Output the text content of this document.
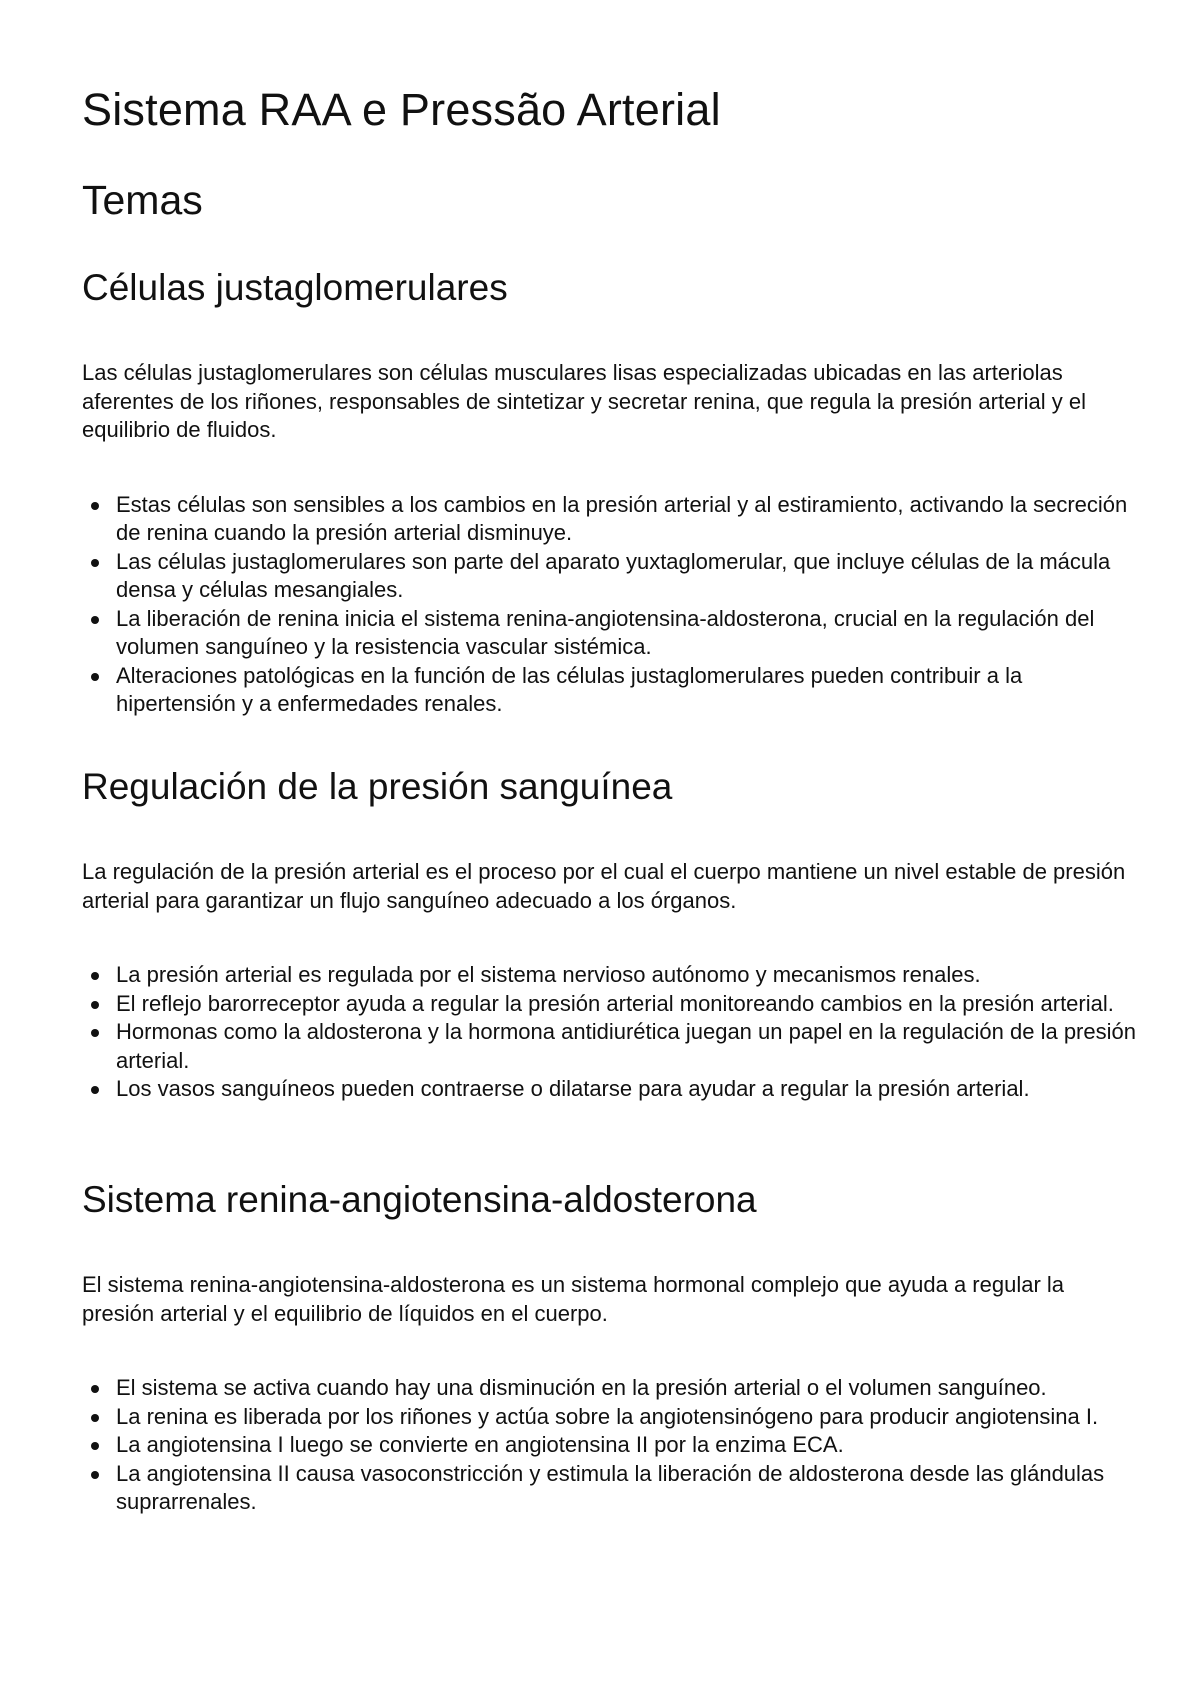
Sistema RAA e Pressão Arterial
Temas
Células justaglomerulares

Las células justaglomerulares son células musculares lisas especializadas ubicadas en las arteriolas aferentes de los riñones, responsables de sintetizar y secretar renina, que regula la presión arterial y el equilibrio de fluidos.

Estas células son sensibles a los cambios en la presión arterial y al estiramiento, activando la secreción de renina cuando la presión arterial disminuye.
Las células justaglomerulares son parte del aparato yuxtaglomerular, que incluye células de la mácula densa y células mesangiales.
La liberación de renina inicia el sistema renina-angiotensina-aldosterona, crucial en la regulación del volumen sanguíneo y la resistencia vascular sistémica.
Alteraciones patológicas en la función de las células justaglomerulares pueden contribuir a la hipertensión y a enfermedades renales.
Regulación de la presión sanguínea

La regulación de la presión arterial es el proceso por el cual el cuerpo mantiene un nivel estable de presión arterial para garantizar un flujo sanguíneo adecuado a los órganos.

La presión arterial es regulada por el sistema nervioso autónomo y mecanismos renales.
El reflejo barorreceptor ayuda a regular la presión arterial monitoreando cambios en la presión arterial.
Hormonas como la aldosterona y la hormona antidiurética juegan un papel en la regulación de la presión arterial.
Los vasos sanguíneos pueden contraerse o dilatarse para ayudar a regular la presión arterial.
Sistema renina-angiotensina-aldosterona

El sistema renina-angiotensina-aldosterona es un sistema hormonal complejo que ayuda a regular la presión arterial y el equilibrio de líquidos en el cuerpo.

El sistema se activa cuando hay una disminución en la presión arterial o el volumen sanguíneo.
La renina es liberada por los riñones y actúa sobre la angiotensinógeno para producir angiotensina I.
La angiotensina I luego se convierte en angiotensina II por la enzima ECA.
La angiotensina II causa vasoconstricción y estimula la liberación de aldosterona desde las glándulas suprarrenales.
